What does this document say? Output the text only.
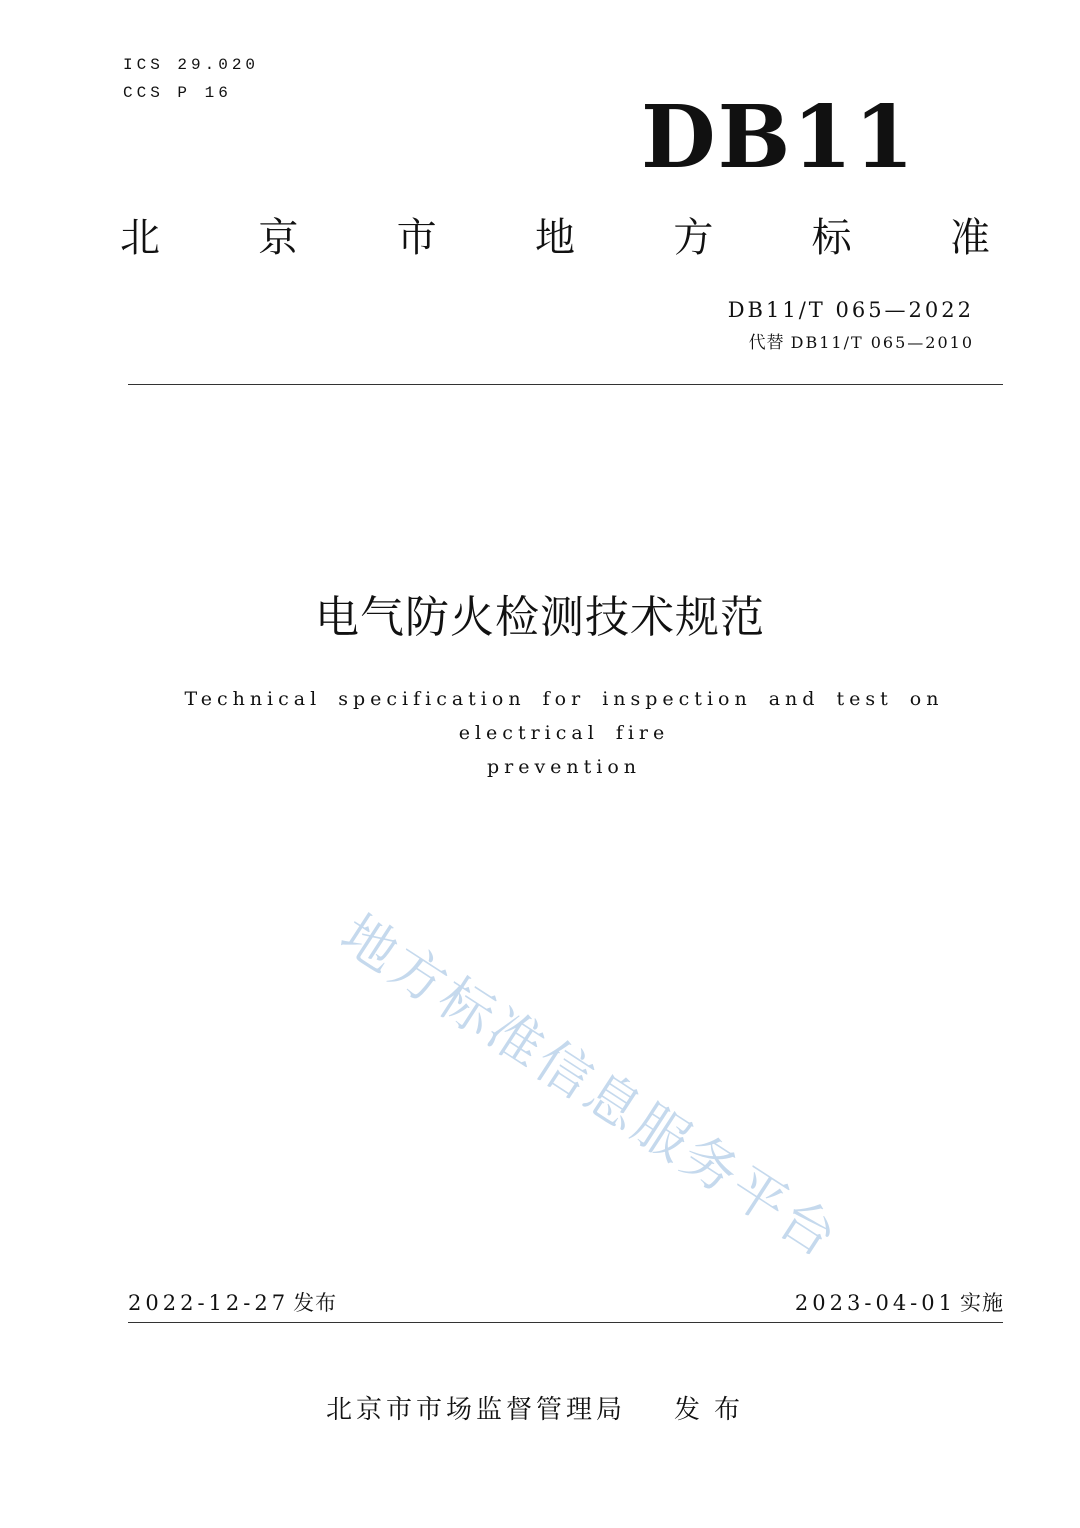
ICS 29.020
CCS P 16	DB11
北 京 市 地 方 标 准
DB11/T 065—2022
代替 DB11/T 065—2010
电气防火检测技术规范
Technical specification for inspection and test on electrical fire
prevention
地方标准信息服务平台
2022-12-27 发布	2023-04-01 实施
北京市市场监督管理局 发布
